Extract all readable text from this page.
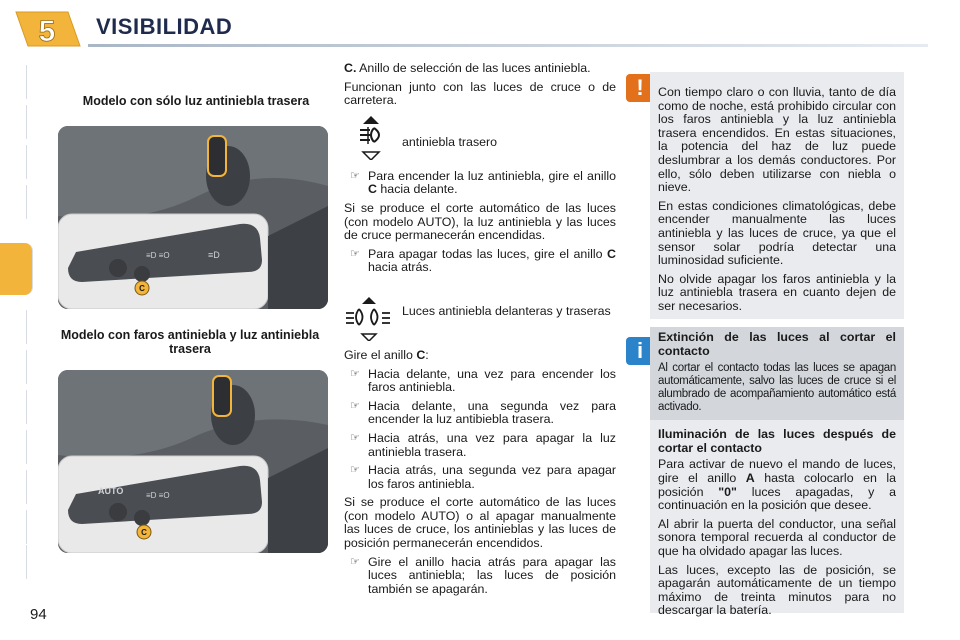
5 VISIBILIDAD
Modelo con sólo luz antiniebla trasera
≡D ≡O
C
≡D
Modelo con faros antiniebla y luz antiniebla trasera
AUTO	≡D ≡O
C

C. Anillo de selección de las luces antiniebla.

Funcionan junto con las luces de cruce o de carretera.

antiniebla trasero
☞ Para encender la luz antiniebla, gire el anillo C hacia delante.

Si se produce el corte automático de las luces (con modelo AUTO), la luz antiniebla y las luces de cruce permanecerán encendidas.

☞ Para apagar todas las luces, gire el anillo C hacia atrás.
Luces antiniebla delanteras y traseras

Gire el anillo C:

☞ Hacia delante, una vez para encender los faros antiniebla.
☞ Hacia delante, una segunda vez para encender la luz antibiebla trasera.
☞ Hacia atrás, una vez para apagar la luz antiniebla trasera.
☞ Hacia atrás, una segunda vez para apagar los faros antiniebla.

Si se produce el corte automático de las luces (con modelo AUTO) o al apagar manualmente las luces de cruce, los antinieblas y las luces de posición permanecerán encendidos.

☞ Gire el anillo hacia atrás para apagar las luces antiniebla; las luces de posición también se apagarán.
!	Con tiempo claro o con lluvia, tanto de día como de noche, está prohibido circular con los faros antiniebla y la luz antiniebla trasera encendidos. En estas situaciones, la potencia del haz de luz puede deslumbrar a los demás conductores. Por ello, sólo deben utilizarse con niebla o nieve.

En estas condiciones climatológicas, debe encender manualmente las luces antiniebla y las luces de cruce, ya que el sensor solar podría detectar una luminosidad suficiente.

No olvide apagar los faros antiniebla y la luz antiniebla trasera en cuanto dejen de ser necesarios.

i

Extinción de las luces al cortar el contacto

Al cortar el contacto todas las luces se apagan automáticamente, salvo las luces de cruce si el alumbrado de acompañamiento automático está activado.

Iluminación de las luces después de cortar el contacto

Para activar de nuevo el mando de luces, gire el anillo A hasta colocarlo en la posición "0" luces apagadas, y a continuación en la posición que desee.

Al abrir la puerta del conductor, una señal sonora temporal recuerda al conductor de que ha olvidado apagar las luces.

Las luces, excepto las de posición, se apagarán automáticamente de un tiempo máximo de treinta minutos para no descargar la batería.

94
